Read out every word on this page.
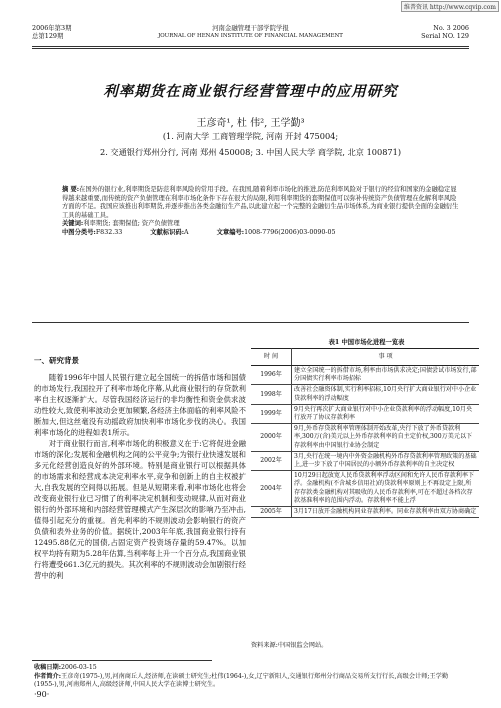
维普资讯 http://www.cqvip.com
2006年第3期
总第129期
河南金融管理干部学院学报
JOURNAL OF HENAN INSTITUTE OF FINANCIAL MANAGEMENT
No. 3 2006
Serial NO. 129
利率期货在商业银行经营管理中的应用研究
王彦奇¹, 杜 伟², 王学勤³
(1. 河南大学 工商管理学院, 河南 开封 475004;
2. 交通银行郑州分行, 河南 郑州 450008; 3. 中国人民大学 商学院, 北京 100871)
摘 要:在国外的银行业,利率期货是防范利率风险的常用手段。在我国,随着利率市场化的推进,防范利率风险对于银行的经营和国家的金融稳定显得越来越重要,而传统的资产负债管理在利率市场化条件下存在很大的局限,利用利率期货的套期保值可以弥补传统资产负债管理在化解利率风险方面的不足。我国应该推出利率期货,并逐步推出各类金融衍生产品,以此建立起一个完整的金融衍生品市场体系,为商业银行提供全面的金融衍生工具的基础工具。
关键词:利率期货; 套期保值; 资产负债管理
中图分类号:F832.33	文献标识码:A	文章编号:1008-7796(2006)03-0090-05
一、研究背景

随着1996年中国人民银行建立起全国统一的拆借市场和国债的市场发行,我国拉开了利率市场化序幕,从此商业银行的存贷款利率自主权逐渐扩大。尽管我国经济运行的非均衡性和资金供求波动性较大,致使利率波动会更加频繁,各经济主体面临的利率风险不断加大,但这丝毫没有动摇政府加快利率市场化步伐的决心。我国利率市场化的进程如表1所示。

对于商业银行而言,利率市场化的积极意义在于:它将促进金融市场的深化;发展和金融机构之间的公平竞争;为银行业快速发展和多元化经营创造良好的外部环境。特别是商业银行可以根据具体的市场需求和经营成本决定利率水平,竞争和创新上的自主权被扩大,自我发展的空间得以拓展。但是从短期来看,利率市场化也将会改变商业银行业已习惯了的利率决定机制和变动规律,从而对商业银行的外部环境和内部经营管理模式产生深层次的影响乃至冲击,值得引起充分的重视。首先利率的不规则波动会影响银行的资产负债和表外业务的价值。据统计,2003年年底,我国商业银行持有12495.88亿元的国债,占固定资产投资场存量的59.47%。以加权平均持有期为5.28年估算,当利率每上升一个百分点,我国商业银行将遭受661.3亿元的损失。其次利率的不规则波动会加剧银行经营中的利

表1 中国市场化进程一览表
时 间	事 项
1996年	建立全国统一的拆借市场,利率由市场供求决定;国债尝试市场发行,部分国债实行利率市场招标
1998年	改善社会融资体制,实行利率招标,10月央行扩大商业银行对中小企业贷款利率的浮动幅度
1999年	9月央行再次扩大商业银行对中小企业贷款利率的浮动幅度,10月央行放开了协议存款利率
2000年	9月,外币存贷款利率管理体制开始改革,央行下放了外币贷款利率,300万(含)美元以上外币存款利率的自主定价权,300万美元以下存款利率由中国银行业协会制定
2002年	3月,央行在统一境内中外资金融机构外币存贷款利率管理政策的基础上,进一步下放了中国居民的小额外币存款利率的自主决定权
2004年	10月29日起放宽人民币贷款利率浮动区间和允许人民币存款利率下浮。金融机构(不含城乡信用社)的贷款利率原则上不再设定上限,所存存款类金融机构对其吸收的人民币存款利率,可在不超过各档次存款基准利率的范围内浮动。存款利率不能上浮
2005年	3月17日放开金融机构同业存款利率。同业存款利率由双方协商确定
资料来源:中国银监会网站。
收稿日期:2006-03-15
作者简介:王彦奇(1975-),男,河南商丘人,经济师,在读硕士研究生;杜伟(1964-),女,辽宁新阳人,交通银行郑州分行商品交易所支行行长,高级会计师;王学勤(1955-),男,河南郑州人,高级经济师,中国人民大学在读博士研究生。
·90·
